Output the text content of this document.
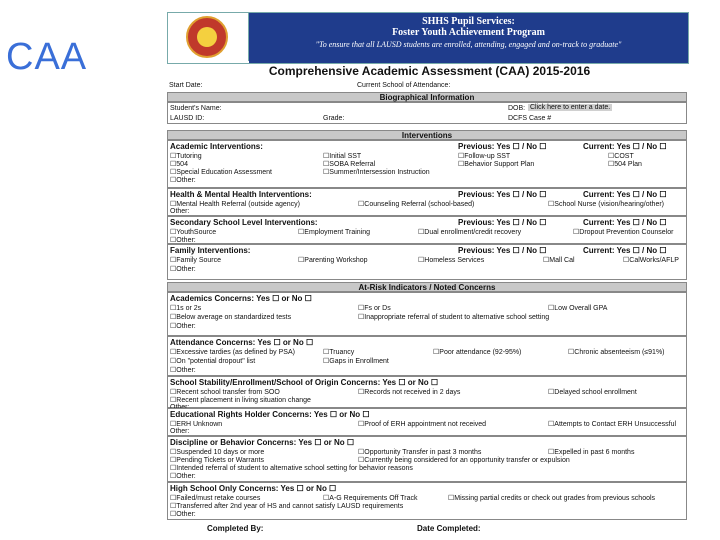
CAA
SHHS Pupil Services:
Foster Youth Achievement Program
"To ensure that all LAUSD students are enrolled, attending, engaged and on-track to graduate"
Comprehensive Academic Assessment (CAA) 2015-2016
Start Date:	Current School of Attendance:
Biographical Information
Student's Name:	DOB: Click here to enter a date.
LAUSD ID:	Grade:	DCFS Case #
Interventions
Academic Interventions:	Previous: Yes ☐ / No ☐	Current: Yes ☐ / No ☐
☐ Tutoring	☐ Initial SST	☐ Follow-up SST	☐ COST
☐ 504	☐ SOBA Referral	☐ Behavior Support Plan	☐ 504 Plan
☐ Special Education Assessment	☐ Summer/Intersession Instruction
☐ Other:
Health & Mental Health Interventions:	Previous: Yes ☐ / No ☐	Current: Yes ☐ / No ☐
☐ Mental Health Referral (outside agency)	☐ Counseling Referral (school-based)	☐ School Nurse (vision/hearing/other)
Other:
Secondary School Level Interventions:	Previous: Yes ☐ / No ☐	Current: Yes ☐ / No ☐
☐ YouthSource	☐ Employment Training	☐ Dual enrollment/credit recovery	☐ Dropout Prevention Counselor
☐ Other:
Family Interventions:	Previous: Yes ☐ / No ☐	Current: Yes ☐ / No ☐
☐ Family Source	☐ Parenting Workshop	☐ Homeless Services	☐ Mall Cal	☐ CalWorks/AFLP
☐ Other:
At-Risk Indicators / Noted Concerns
Academics Concerns: Yes ☐ or No ☐
☐ 1s or 2s	☐ Fs or Ds	☐ Low Overall GPA
☐ Below average on standardized tests	☐ Inappropriate referral of student to alternative school setting
☐ Other:
Attendance Concerns: Yes ☐ or No ☐
☐ Excessive tardies (as defined by PSA)	☐ Truancy	☐ Poor attendance (92-95%)	☐ Chronic absenteeism (≤91%)
☐ On "potential dropout" list	☐ Gaps in Enrollment
☐ Other:
School Stability/Enrollment/School of Origin Concerns: Yes ☐ or No ☐
☐ Recent school transfer from SOO	☐ Records not received in 2 days	☐ Delayed school enrollment
☐ Recent placement in living situation change
Other:
Educational Rights Holder Concerns: Yes ☐ or No ☐
☐ ERH Unknown	☐ Proof of ERH appointment not received	☐ Attempts to Contact ERH Unsuccessful
Other:
Discipline or Behavior Concerns: Yes ☐ or No ☐
☐ Suspended 10 days or more	☐ Opportunity Transfer in past 3 months	☐ Expelled in past 6 months
☐ Pending Tickets or Warrants	☐ Currently being considered for an opportunity transfer or expulsion
☐ Intended referral of student to alternative school setting for behavior reasons
☐ Other:
High School Only Concerns: Yes ☐ or No ☐
☐ Failed/must retake courses	☐ A-G Requirements Off Track	☐ Missing partial credits or check out grades from previous schools
☐ Transferred after 2nd year of HS and cannot satisfy LAUSD requirements
☐ Other:
Completed By:	Date Completed:
